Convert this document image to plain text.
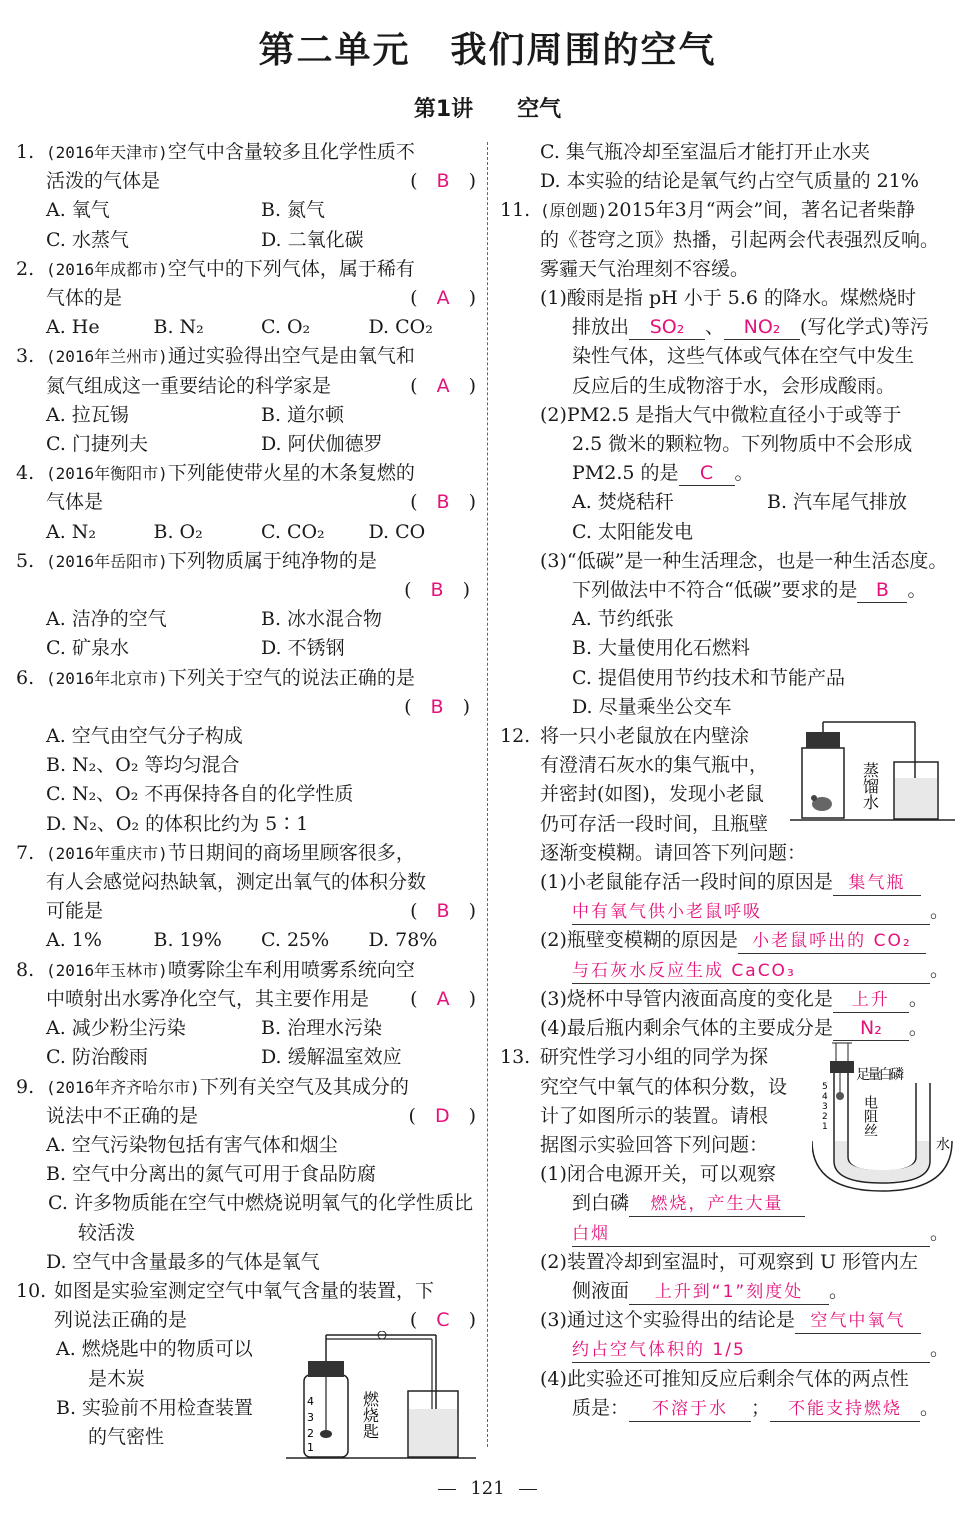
第二单元 我们周围的空气
第1讲 空气
1. (2016年天津市)空气中含量较多且化学性质不
活泼的气体是	(　B　)
A. 氧气	B. 氮气
C. 水蒸气	D. 二氧化碳
2. (2016年成都市)空气中的下列气体，属于稀有
气体的是	(　A　)
A. He	B. N₂	C. O₂	D. CO₂
3. (2016年兰州市)通过实验得出空气是由氧气和
氮气组成这一重要结论的科学家是	(　A　)
A. 拉瓦锡	B. 道尔顿
C. 门捷列夫	D. 阿伏伽德罗
4. (2016年衡阳市)下列能使带火星的木条复燃的
气体是	(　B　)
A. N₂	B. O₂	C. CO₂	D. CO
5. (2016年岳阳市)下列物质属于纯净物的是
(　B　)
A. 洁净的空气	B. 冰水混合物
C. 矿泉水	D. 不锈钢
6. (2016年北京市)下列关于空气的说法正确的是
(　B　)
A. 空气由空气分子构成
B. N₂、O₂ 等均匀混合
C. N₂、O₂ 不再保持各自的化学性质
D. N₂、O₂ 的体积比约为 5∶1
7. (2016年重庆市)节日期间的商场里顾客很多，
有人会感觉闷热缺氧，测定出氧气的体积分数
可能是	(　B　)
A. 1%	B. 19%	C. 25%	D. 78%
8. (2016年玉林市)喷雾除尘车利用喷雾系统向空
中喷射出水雾净化空气，其主要作用是 (　A　)
A. 减少粉尘污染	B. 治理水污染
C. 防治酸雨	D. 缓解温室效应
9. (2016年齐齐哈尔市)下列有关空气及其成分的
说法中不正确的是	(　D　)
A. 空气污染物包括有害气体和烟尘
B. 空气中分离出的氮气可用于食品防腐
C. 许多物质能在空气中燃烧说明氧气的化学性质比较活泼
D. 空气中含量最多的气体是氧气
10. 如图是实验室测定空气中氧气含量的装置，下
列说法正确的是	(　C　)
A. 燃烧匙中的物质可以
是木炭
B. 实验前不用检查装置
的气密性
4
3
2
1
燃烧匙
C. 集气瓶冷却至室温后才能打开止水夹
D. 本实验的结论是氧气约占空气质量的 21%
11. (原创题)2015年3月“两会”间，著名记者柴静
的《苍穹之顶》热播，引起两会代表强烈反响。
雾霾天气治理刻不容缓。
(1)酸雨是指 pH 小于 5.6 的降水。煤燃烧时
排放出 SO₂ 、 NO₂ (写化学式)等污
染性气体，这些气体或气体在空气中发生
反应后的生成物溶于水，会形成酸雨。
(2)PM2.5 是指大气中微粒直径小于或等于
2.5 微米的颗粒物。下列物质中不会形成
PM2.5 的是 C 。
A. 焚烧秸秆	B. 汽车尾气排放
C. 太阳能发电
(3)“低碳”是一种生活理念，也是一种生活态度。
下列做法中不符合“低碳”要求的是 B 。
A. 节约纸张
B. 大量使用化石燃料
C. 提倡使用节约技术和节能产品
D. 尽量乘坐公交车
12. 将一只小老鼠放在内壁涂
有澄清石灰水的集气瓶中，
并密封(如图)，发现小老鼠
仍可存活一段时间，且瓶壁
逐渐变模糊。请回答下列问题：
蒸馏水
(1)小老鼠能存活一段时间的原因是 集气瓶
中有氧气供小老鼠呼吸	。
(2)瓶壁变模糊的原因是 小老鼠呼出的 CO₂
与石灰水反应生成 CaCO₃	。
(3)烧杯中导管内液面高度的变化是 上升 。
(4)最后瓶内剩余气体的主要成分是 N₂ 。
13. 研究性学习小组的同学为探
究空气中氧气的体积分数，设
计了如图所示的装置。请根
据图示实验回答下列问题：
5
4
3
2
1
足量白磷
电阻丝
水
(1)闭合电源开关，可以观察
到白磷 燃烧，产生大量
白烟	。
(2)装置冷却到室温时，可观察到 U 形管内左
侧液面 上升到“1”刻度处 。
(3)通过这个实验得出的结论是 空气中氧气
约占空气体积的 1/5	。
(4)此实验还可推知反应后剩余气体的两点性
质是： 不溶于水 ； 不能支持燃烧 。
121
